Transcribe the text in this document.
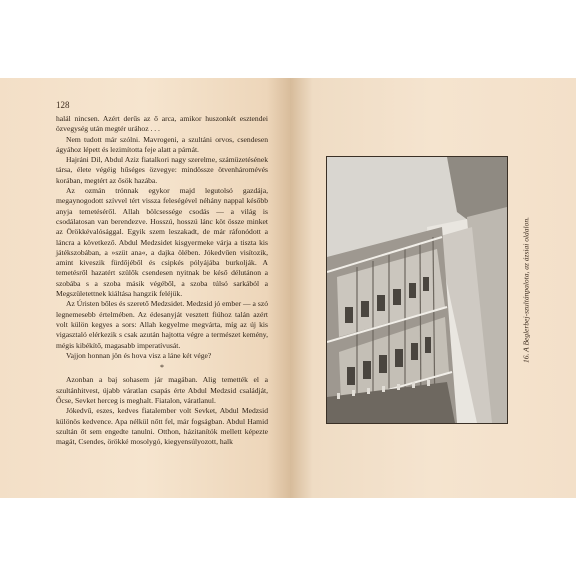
128

halál nincsen. Azért derűs az ő arca, amikor huszonkét esztendei özvegység után megtér urához . . .

Nem tudott már szólni. Mavrogeni, a szultáni orvos, csendesen ágyához lépett és lezimította feje alatt a párnát.

Hajráni Dil, Abdul Aziz fiatalkori nagy szerelme, számüzetésének társa, élete végéig hűséges özvegye: mindössze ötvenháromévés korában, megtért az ősök hazába.

Az ozmán trónnak egykor majd legutolsó gazdája, megaynogodott szívvel tért vissza feleségével néhány nappal később anyja temetéséről. Allah bölcsessége csodás — a világ is csodálatosan van berendezve. Hosszú, hosszú lánc köt össze minket az Örökkévalósággal. Egyik szem leszakadt, de már ráfonódott a láncra a következő. Abdul Medzsidet kisgyermeke várja a tiszta kis játékszobában, a »szüt ana«, a dajka ölében. Jókedvűen visítozik, amint kiveszik fürdőjéből és csipkés pólyájába burkolják. A temetésről hazatért szülők csendesen nyitnak be késő délutánon a szobába s a szoba másik végéből, a szoba túlsó sarkából a Megszületettnek kiáltása hangzik feléjük.

Az Úristen bőles és szerető Medzsidet. Medzsid jó ember — a szó legnemesebb értelmében. Az édesanyját vesztett fiúhoz talán azért volt külön kegyes a sors: Allah kegyelme megvárta, míg az új kis vigasztaló elérkezik s csak azután hajtotta végre a természet kemény, mégis kibékítő, magasabb imperatívusát.

Vajjon honnan jön és hova visz a láne két vége?

*

Azonban a baj sohasem jár magában. Alig temették el a szultánhitvest, újabb váratlan csapás érte Abdul Medzsid családját, Őcse, Sevket herceg is meghalt. Fiatalon, váratlanul.

Jókedvű, eszes, kedves fiatalember volt Sevket, Abdul Medzsid különös kedvence. Apa nélkül nőtt fel, már fogságban. Abdul Hamid szultán őt sem engedte tanulni. Otthon, házitanítók mellett képezte magát, Csendes, örökké mosolygó, kiegyensúlyozott, halk

16. A Beglerbej-szultánpalota, az ázsiai oldalon.
